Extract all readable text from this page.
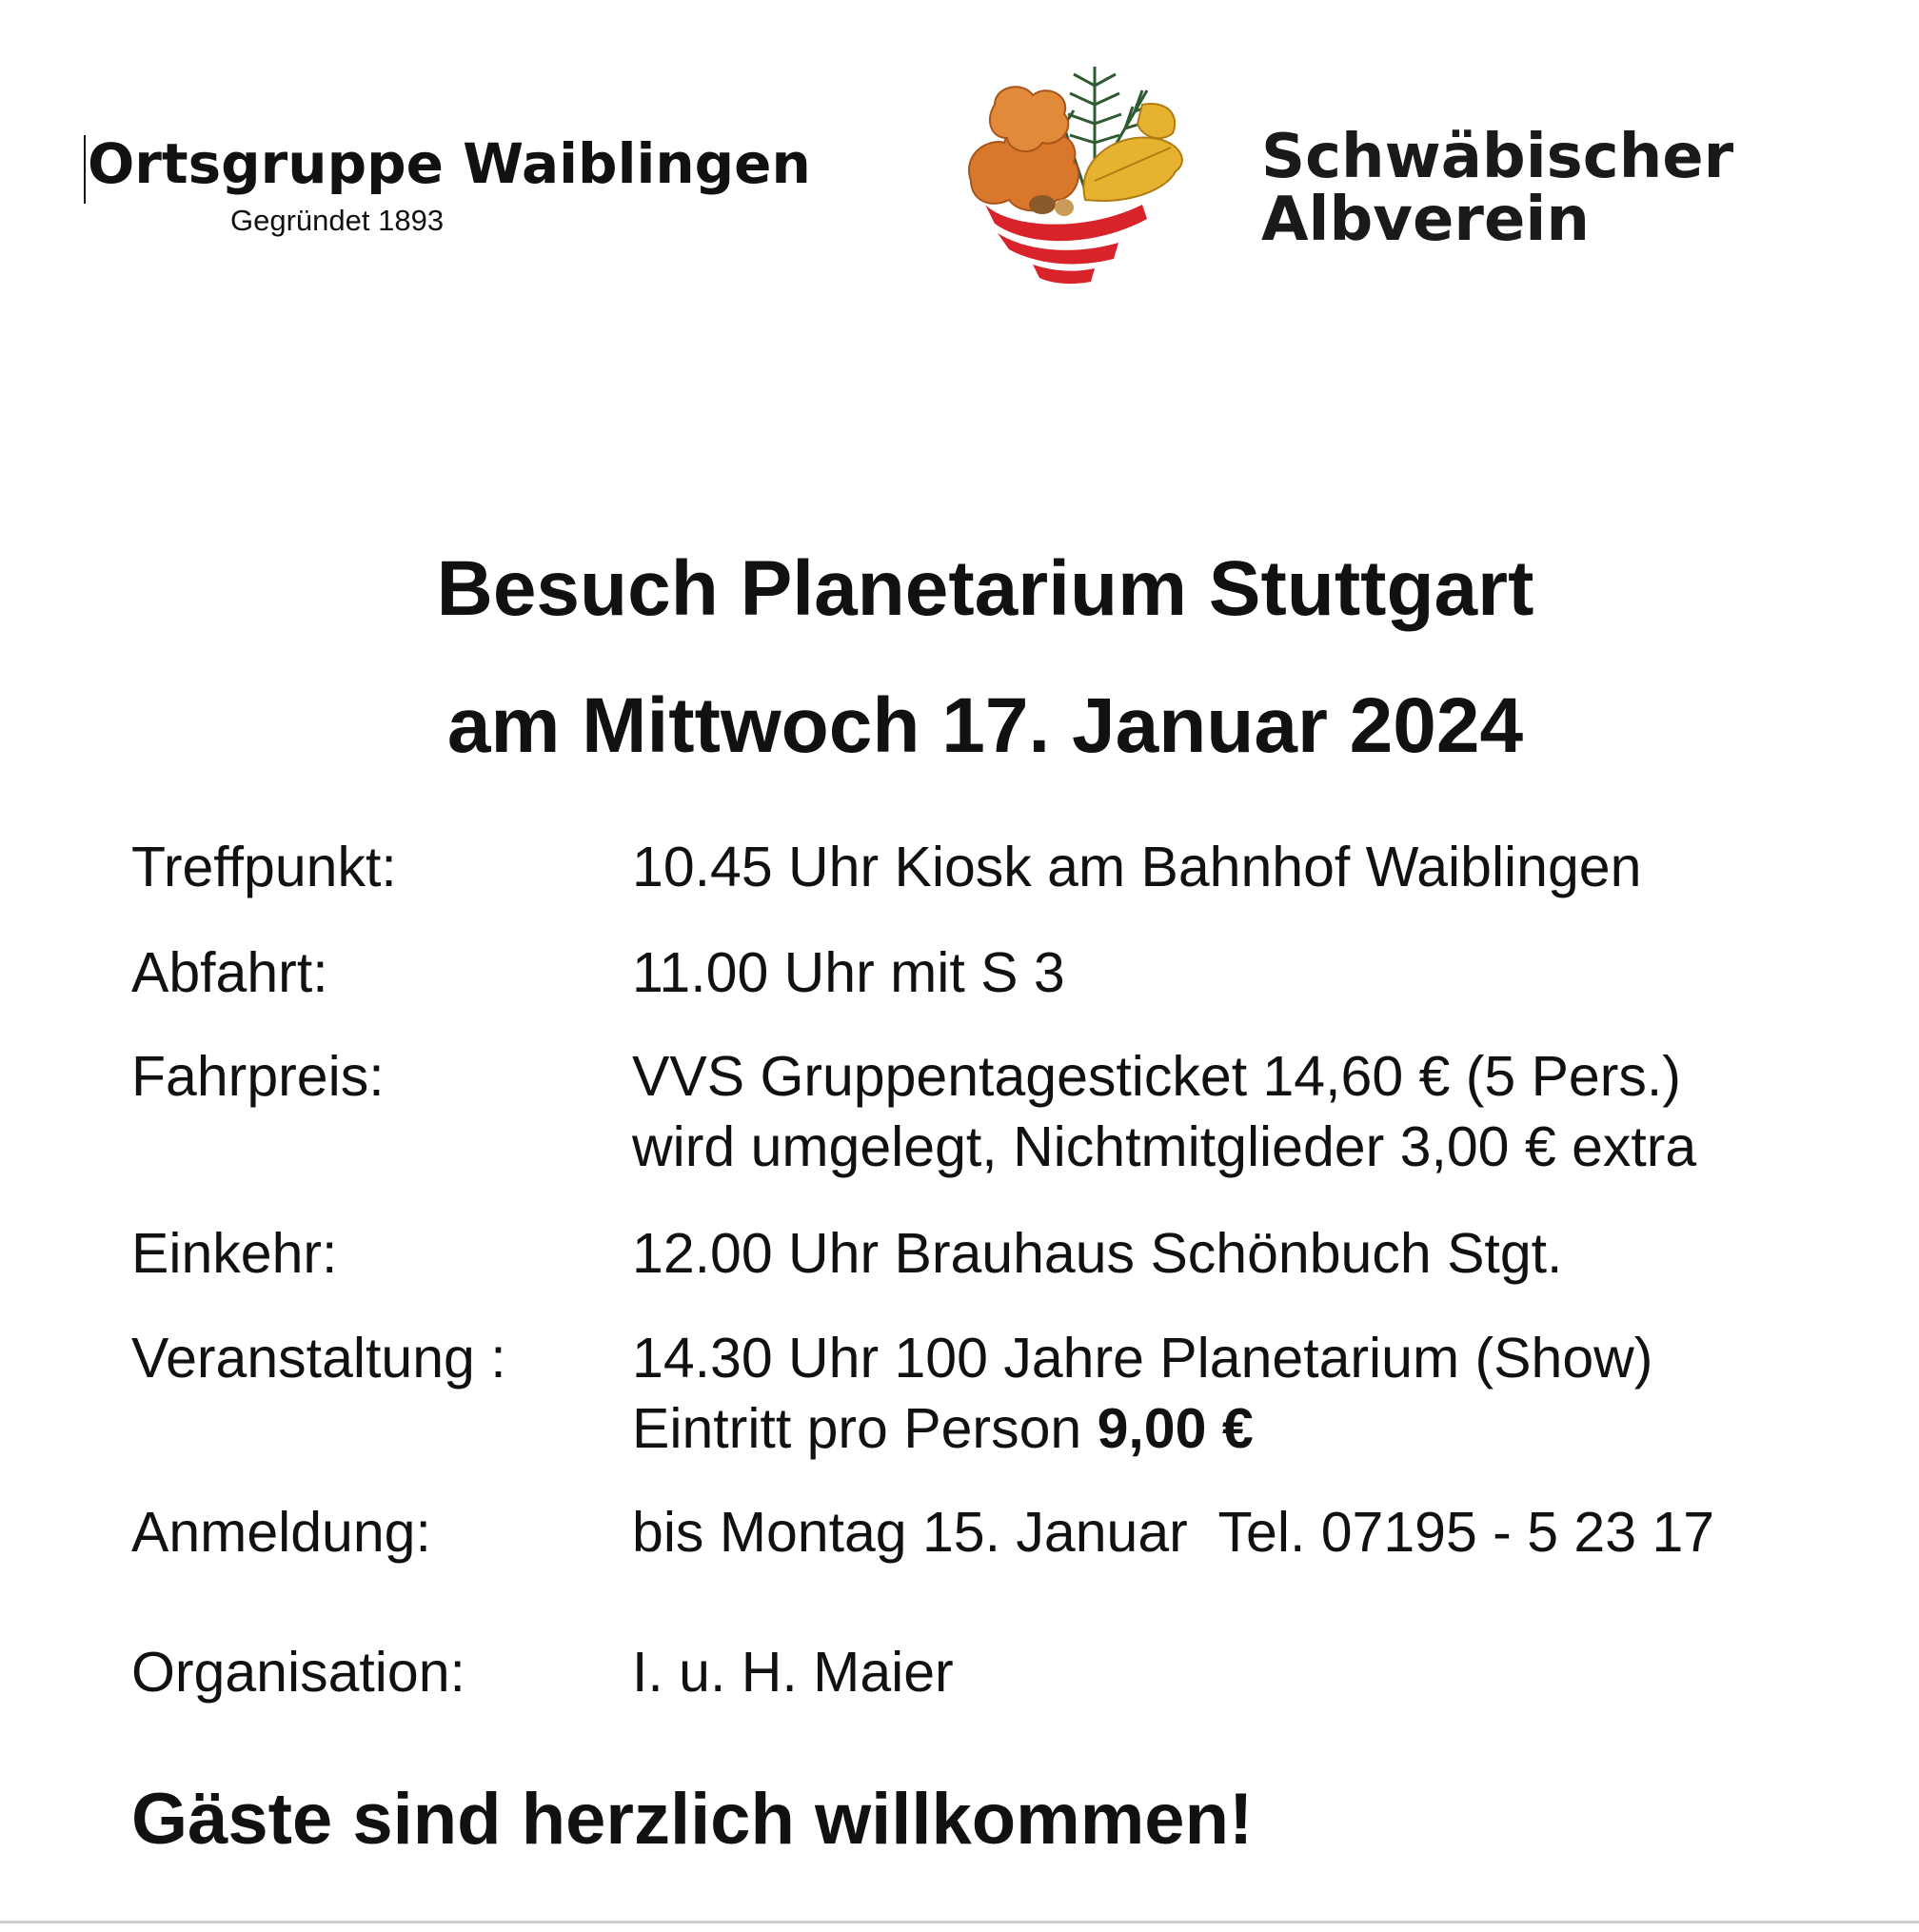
Ortsgruppe Waiblingen
Gegründet 1893
Schwäbischer
Albverein
Besuch Planetarium Stuttgart
am Mittwoch 17. Januar 2024
Treffpunkt:	10.45 Uhr Kiosk am Bahnhof Waiblingen
Abfahrt:	11.00 Uhr mit S 3
Fahrpreis:	VVS Gruppentagesticket 14,60 € (5 Pers.)
wird umgelegt, Nichtmitglieder 3,00 € extra
Einkehr:	12.00 Uhr Brauhaus Schönbuch Stgt.
Veranstaltung : 14.30 Uhr 100 Jahre Planetarium (Show)
Eintritt pro Person 9,00 €
Anmeldung:	bis Montag 15. Januar  Tel. 07195 - 5 23 17
Organisation:	I. u. H. Maier
Gäste sind herzlich willkommen!
